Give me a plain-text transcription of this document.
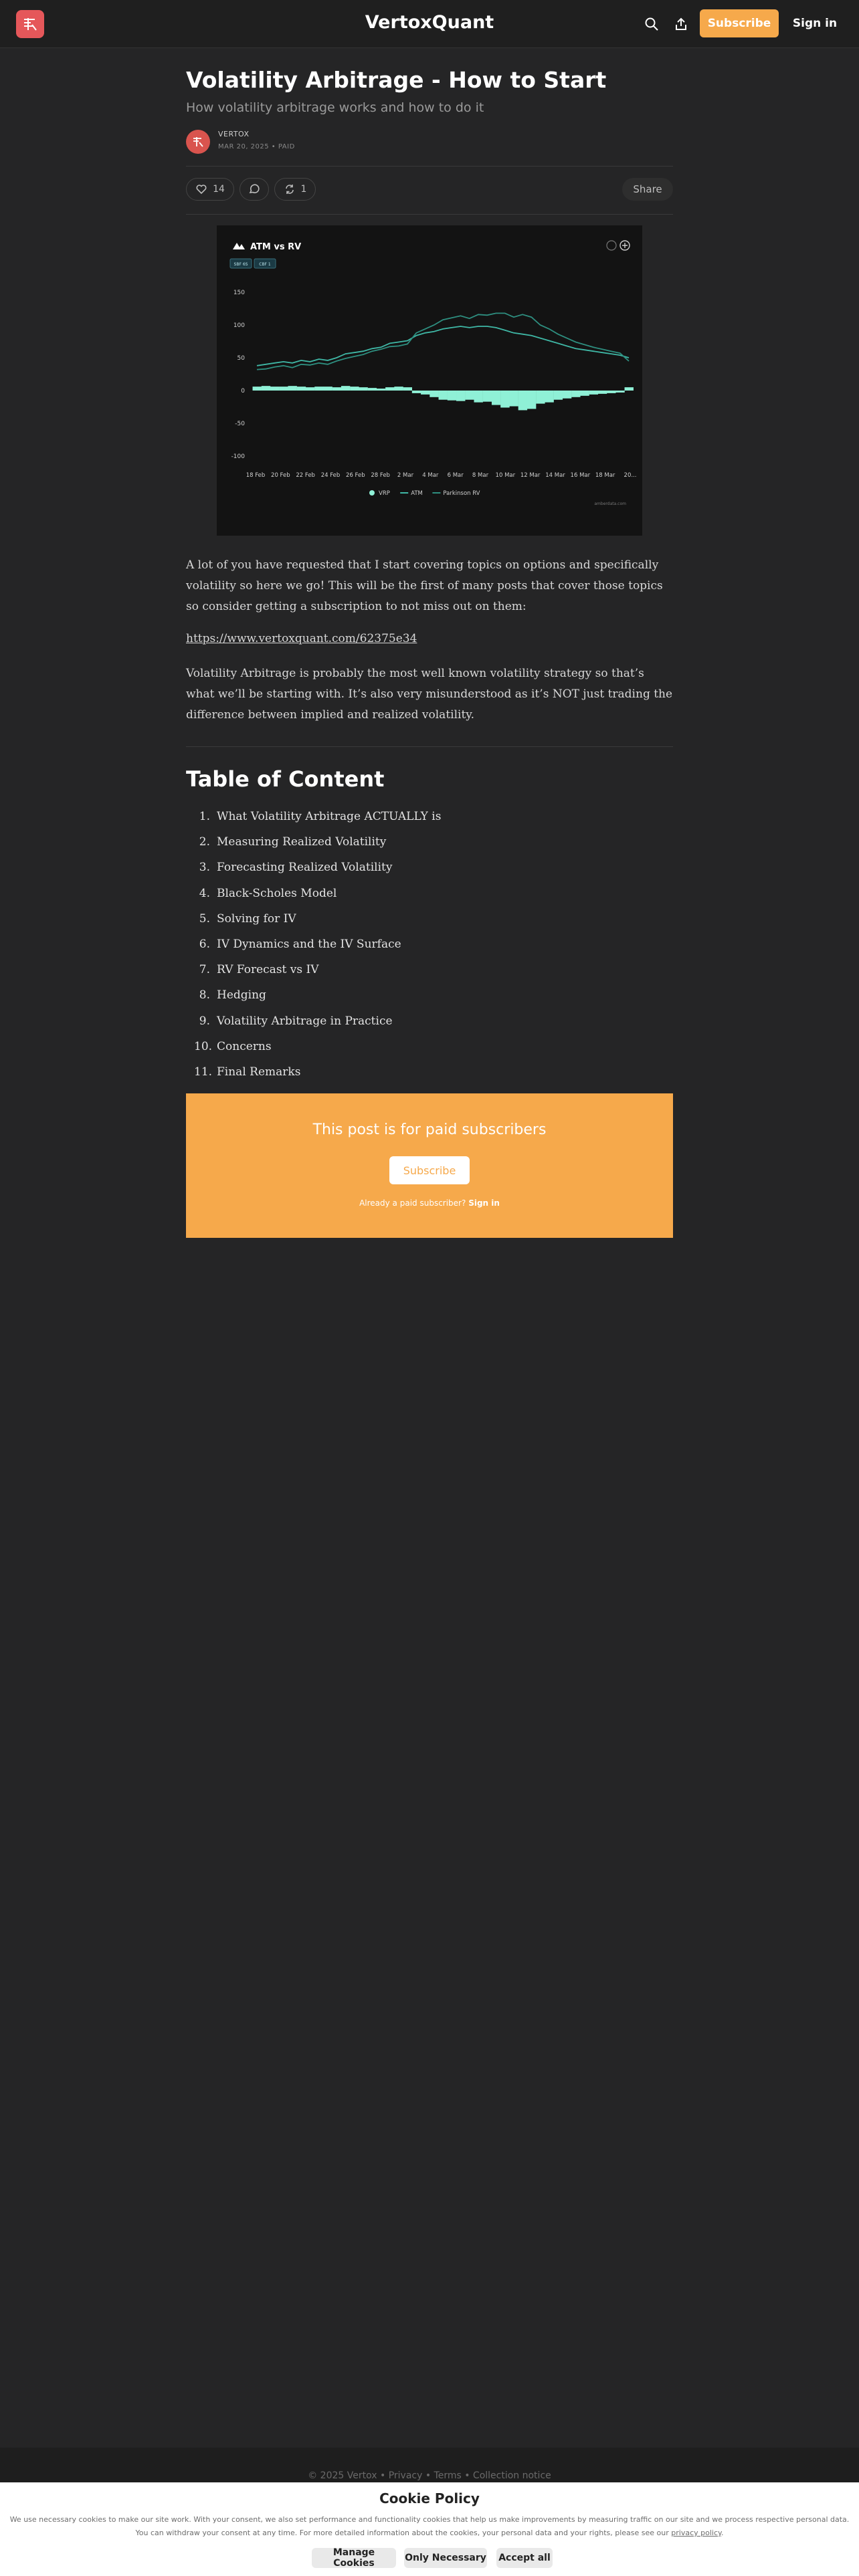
VertoxQuant	Subscribe	Sign in
Volatility Arbitrage - How to Start
How volatility arbitrage works and how to do it
VERTOX
MAR 20, 2025 • PAID
14	1	Share
ATM vs RV
SBF 6S	CBF 1
150
100
50
0
-50
-100
18 Feb 20 Feb 22 Feb 24 Feb 26 Feb 28 Feb 2 Mar 4 Mar 6 Mar 8 Mar 10 Mar 12 Mar 14 Mar 16 Mar 18 Mar 20...
VRP	ATM	Parkinson RV
amberdata.com
A lot of you have requested that I start covering topics on options and specifically volatility so here we go! This will be the first of many posts that cover those topics so consider getting a subscription to not miss out on them:
https://www.vertoxquant.com/62375e34
Volatility Arbitrage is probably the most well known volatility strategy so that’s what we’ll be starting with. It’s also very misunderstood as it’s NOT just trading the difference between implied and realized volatility.
Table of Content
1. What Volatility Arbitrage ACTUALLY is
2. Measuring Realized Volatility
3. Forecasting Realized Volatility
4. Black-Scholes Model
5. Solving for IV
6. IV Dynamics and the IV Surface
7. RV Forecast vs IV
8. Hedging
9. Volatility Arbitrage in Practice
10. Concerns
11. Final Remarks
This post is for paid subscribers
Subscribe
Already a paid subscriber? Sign in
© 2025 Vertox • Privacy • Terms • Collection notice
Cookie Policy
We use necessary cookies to make our site work. With your consent, we also set performance and functionality cookies that help us make improvements by measuring traffic on our site and we process respective personal data.
You can withdraw your consent at any time. For more detailed information about the cookies, your personal data and your rights, please see our privacy policy.
Manage Cookies	Only Necessary Accept all
